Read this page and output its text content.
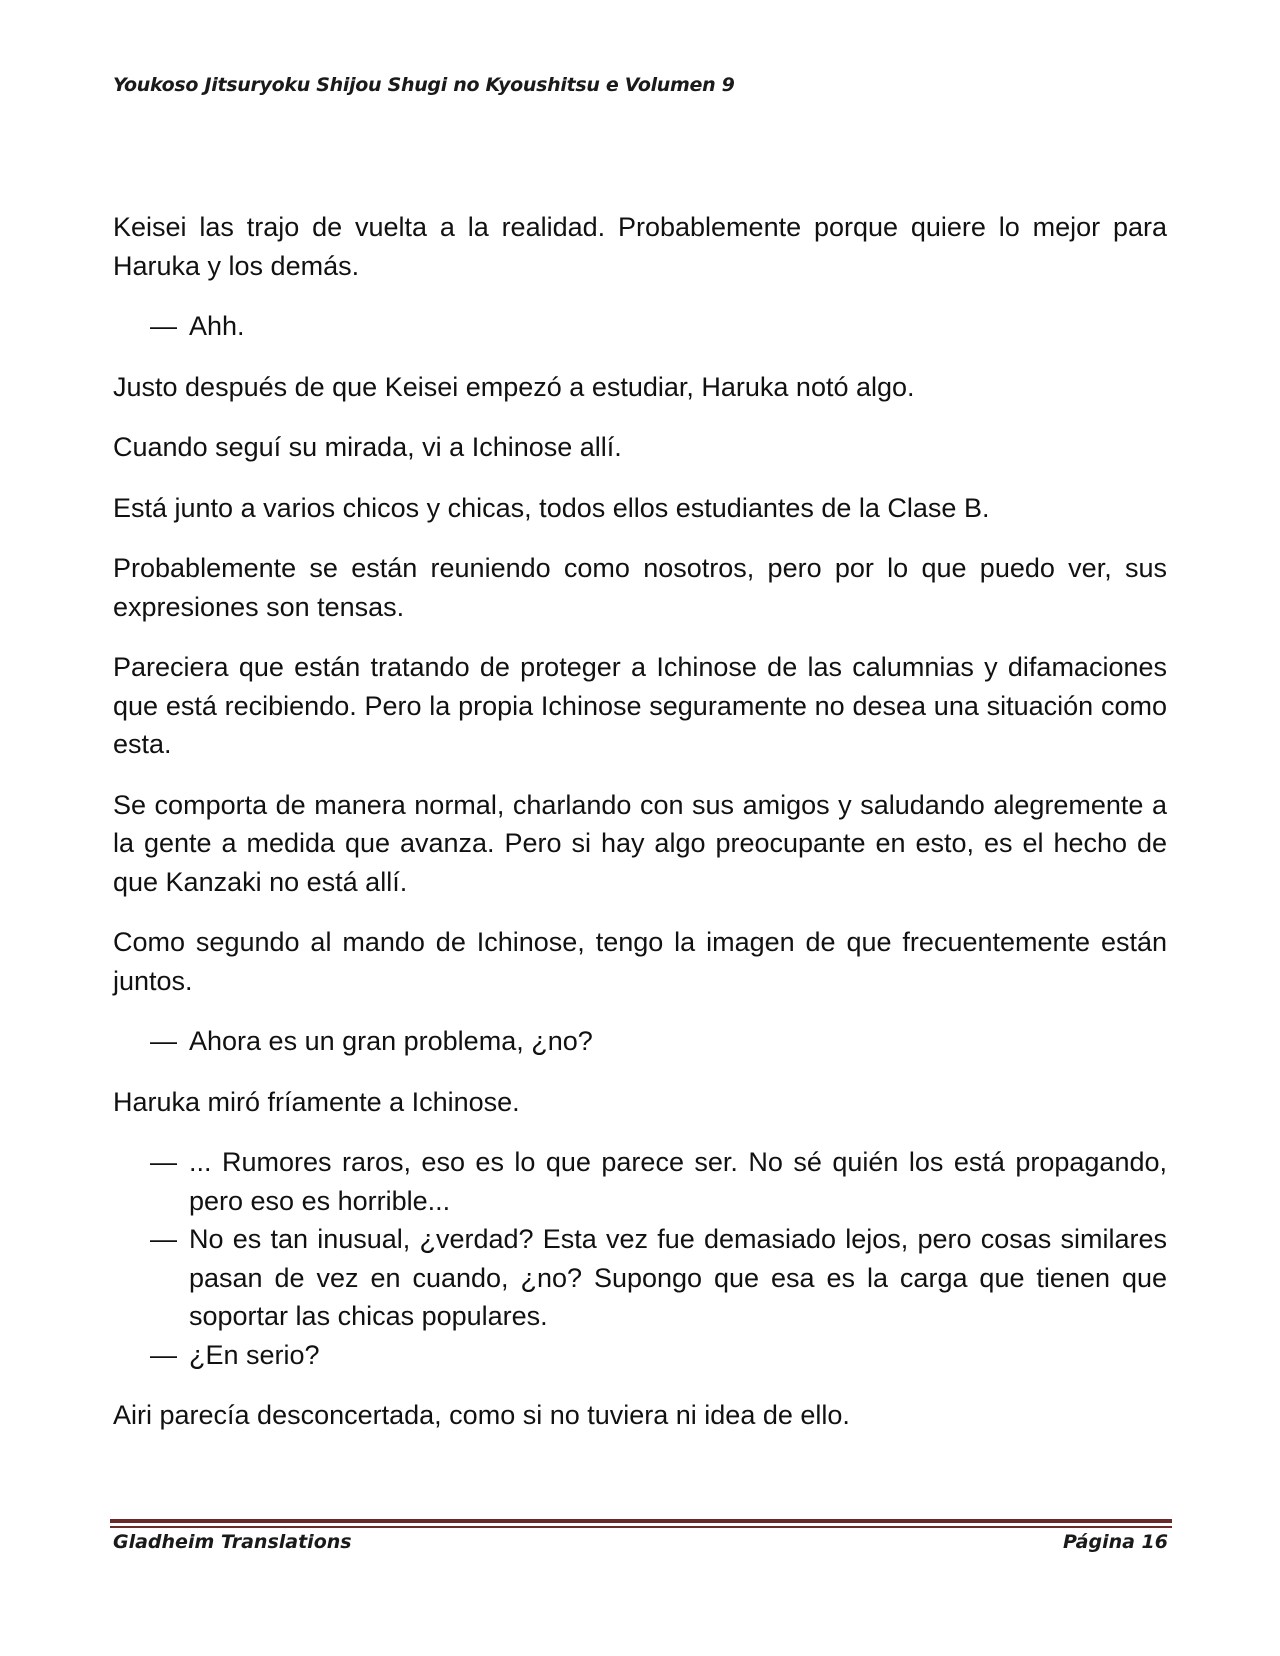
Youkoso Jitsuryoku Shijou Shugi no Kyoushitsu e Volumen 9

Keisei las trajo de vuelta a la realidad. Probablemente porque quiere lo mejor para Haruka y los demás.

— Ahh.

Justo después de que Keisei empezó a estudiar, Haruka notó algo.

Cuando seguí su mirada, vi a Ichinose allí.

Está junto a varios chicos y chicas, todos ellos estudiantes de la Clase B.

Probablemente se están reuniendo como nosotros, pero por lo que puedo ver, sus expresiones son tensas.

Pareciera que están tratando de proteger a Ichinose de las calumnias y difamaciones que está recibiendo. Pero la propia Ichinose seguramente no desea una situación como esta.

Se comporta de manera normal, charlando con sus amigos y saludando alegremente a la gente a medida que avanza. Pero si hay algo preocupante en esto, es el hecho de que Kanzaki no está allí.

Como segundo al mando de Ichinose, tengo la imagen de que frecuentemente están juntos.

— Ahora es un gran problema, ¿no?

Haruka miró fríamente a Ichinose.

— ... Rumores raros, eso es lo que parece ser. No sé quién los está propagando, pero eso es horrible...
— No es tan inusual, ¿verdad? Esta vez fue demasiado lejos, pero cosas similares pasan de vez en cuando, ¿no? Supongo que esa es la carga que tienen que soportar las chicas populares.
— ¿En serio?

Airi parecía desconcertada, como si no tuviera ni idea de ello.

Gladheim Translations	Página 16
